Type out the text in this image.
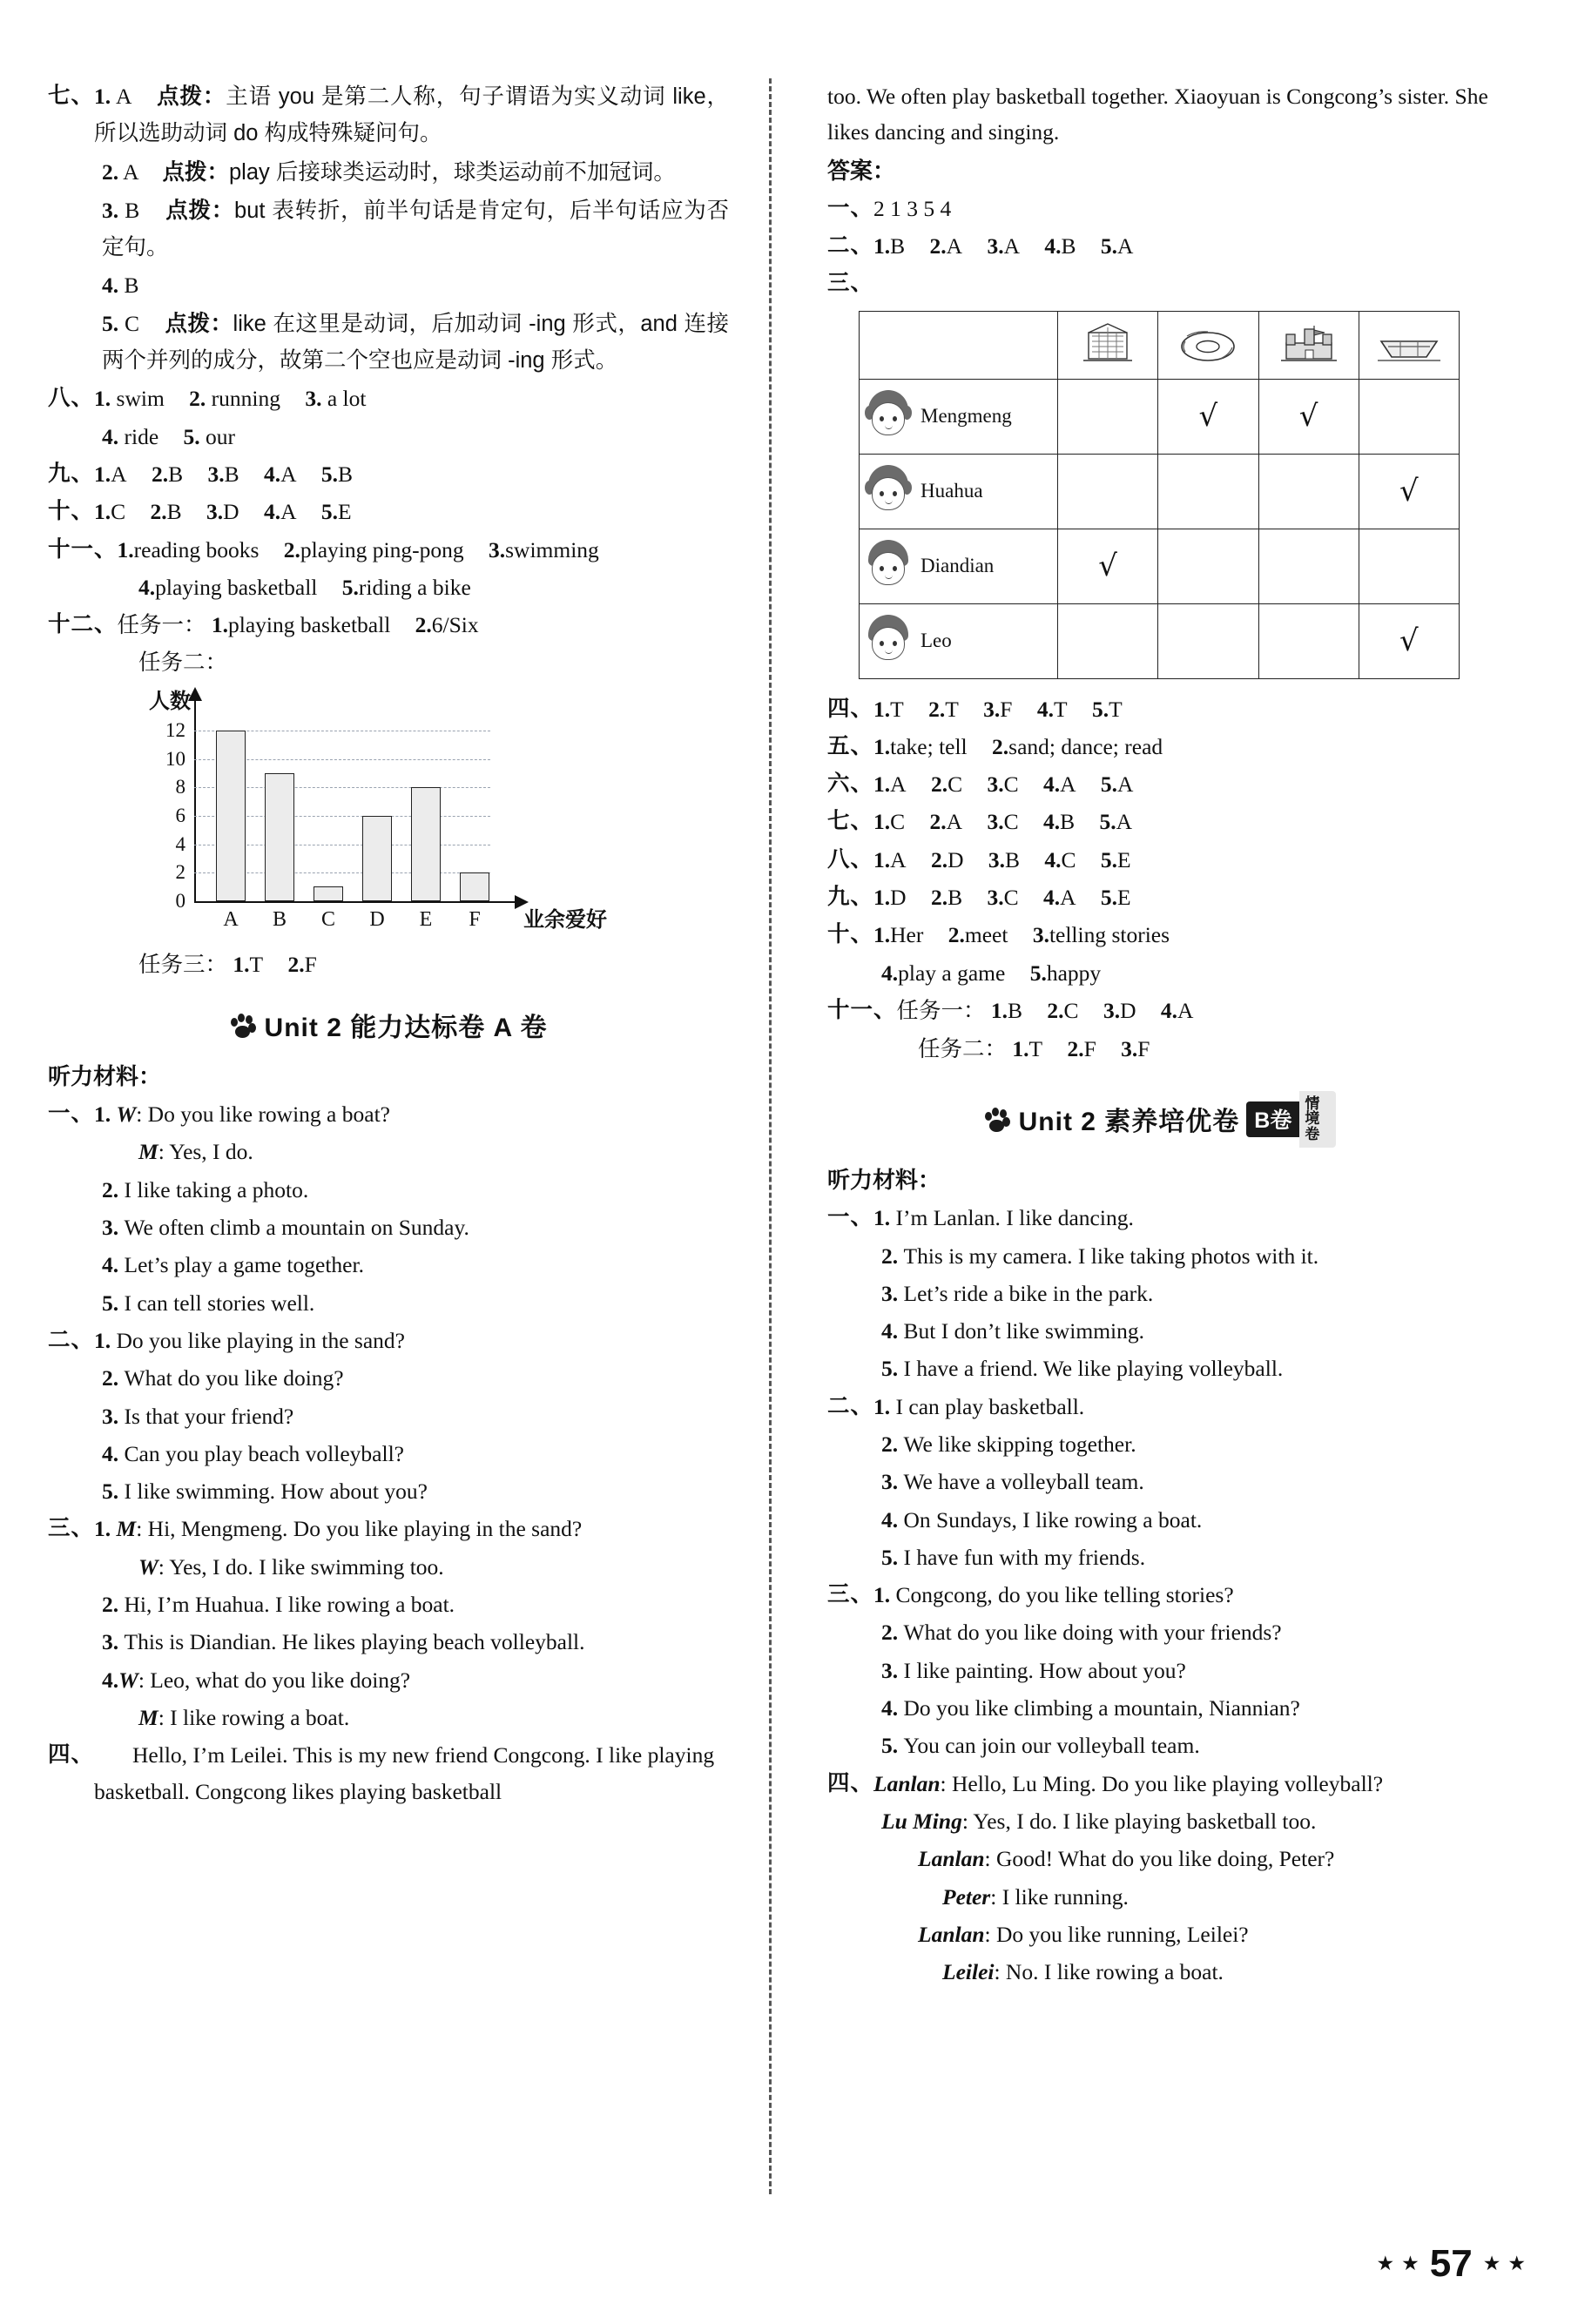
七、 1. A 点拨：主语 you 是第二人称，句子谓语为实义动词 like，所以选助动词 do 构成特殊疑问句。
2. A 点拨：play 后接球类运动时，球类运动前不加冠词。
3. B 点拨：but 表转折，前半句话是肯定句，后半句话应为否定句。
4. B
5. C 点拨：like 在这里是动词，后加动词 -ing 形式，and 连接两个并列的成分，故第二个空也应是动词 -ing 形式。
八、 1. swim 2. running 3. a lot
4. ride 5. our
九、 1.A 2.B 3.B 4.A 5.B
十、 1.C 2.B 3.D 4.A 5.E
十一、 1.reading books 2.playing ping-pong 3.swimming
4.playing basketball 5.riding a bike
十二、 任务一： 1.playing basketball 2.6/Six
任务二：
人数
0
2
4
6
8
10
12
A B C D E F 业余爱好
任务三： 1.T 2.F
Unit 2 能力达标卷 A 卷
听力材料：
一、 1. W: Do you like rowing a boat?
M : Yes, I do.
2.
I like taking a photo.
3.
We often climb a mountain on Sunday.
4.
Let’s play a game together.
5.
I can tell stories well.
二、 1. Do you like playing in the sand?
2.
What do you like doing?
3.
Is that your friend?
4.
Can you play beach volleyball?
5.
I like swimming. How about you?
三、 1. M: Hi, Mengmeng. Do you like playing in the sand?
W : Yes, I do. I like swimming too.
2.
Hi, I’m Huahua. I like rowing a boat.
3.
This is Diandian. He likes playing beach volleyball.
4. W : Leo, what do you like doing?
M : I like rowing a boat.
四、	Hello, I’m Leilei. This is my new friend Congcong. I like playing basketball. Congcong likes playing basketball
too. We often play basketball together. Xiaoyuan is Congcong’s sister. She likes dancing and singing.
答案：
一、 2 1 3 5 4
二、 1.B 2.A 3.A 4.B 5.A
三、

Mengmeng		√	√	

Huahua				√

Diandian	√			

Leo				√
四、 1.T 2.T 3.F 4.T 5.T
五、 1.take; tell 2.sand; dance; read
六、 1.A 2.C 3.C 4.A 5.A
七、 1.C 2.A 3.C 4.B 5.A
八、 1.A 2.D 3.B 4.C 5.E
九、 1.D 2.B 3.C 4.A 5.E
十、 1.Her 2.meet 3.telling stories
4.play a game 5.happy
十一、 任务一： 1.B 2.C 3.D 4.A
任务二： 1.T 2.F 3.F
Unit 2 素养培优卷 B卷
情境卷
听力材料：
一、 1. I’m Lanlan. I like dancing.
2.
This is my camera. I like taking photos with it.
3.
Let’s ride a bike in the park.
4.
But I don’t like swimming.
5.
I have a friend. We like playing volleyball.
二、 1. I can play basketball.
2.
We like skipping together.
3.
We have a volleyball team.
4.
On Sundays, I like rowing a boat.
5.
I have fun with my friends.
三、 1. Congcong, do you like telling stories?
2.
What do you like doing with your friends?
3.
I like painting. How about you?
4.
Do you like climbing a mountain, Niannian?
5.
You can join our volleyball team.
四、 Lanlan: Hello, Lu Ming. Do you like playing volleyball?
Lu Ming : Yes, I do. I like playing basketball too.
Lanlan : Good! What do you like doing, Peter?
Peter : I like running.
Lanlan : Do you like running, Leilei?
Leilei : No. I like rowing a boat.
★ ★ 57 ★ ★
